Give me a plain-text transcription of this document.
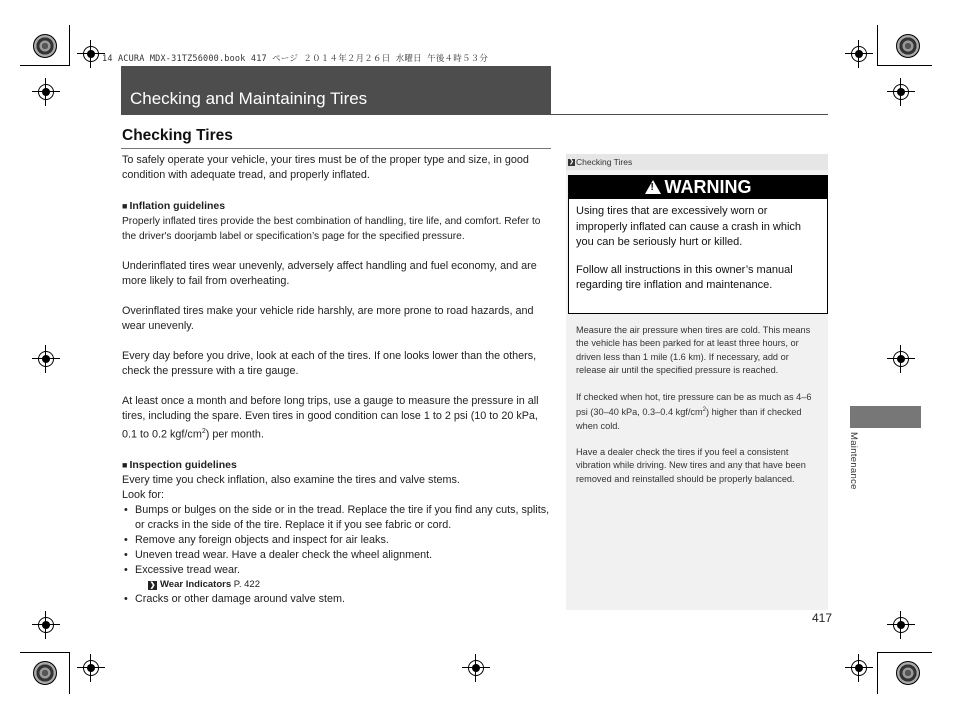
14 ACURA MDX-31TZ56000.book 417 ページ ２０１４年２月２６日 水曜日 午後４時５３分
Checking and Maintaining Tires
Checking Tires

To safely operate your vehicle, your tires must be of the proper type and size, in good condition with adequate tread, and properly inflated.

■ Inflation guidelines

Properly inflated tires provide the best combination of handling, tire life, and comfort. Refer to the driver's doorjamb label or specification’s page for the specified pressure.

Underinflated tires wear unevenly, adversely affect handling and fuel economy, and are more likely to fail from overheating.

Overinflated tires make your vehicle ride harshly, are more prone to road hazards, and wear unevenly.

Every day before you drive, look at each of the tires. If one looks lower than the others, check the pressure with a tire gauge.

At least once a month and before long trips, use a gauge to measure the pressure in all tires, including the spare. Even tires in good condition can lose 1 to 2 psi (10 to 20 kPa, 0.1 to 0.2 kgf/$cm^2$) per month.

■ Inspection guidelines

Every time you check inflation, also examine the tires and valve stems.

Look for:

• Bumps or bulges on the side or in the tread. Replace the tire if you find any cuts, splits, or cracks in the side of the tire. Replace it if you see fabric or cord.
• Remove any foreign objects and inspect for air leaks.
• Uneven tread wear. Have a dealer check the wheel alignment.
• Excessive tread wear.
❯ Wear Indicators P. 422
• Cracks or other damage around valve stem.
❯ Checking Tires
!WARNING

Using tires that are excessively worn or improperly inflated can cause a crash in which you can be seriously hurt or killed.

Follow all instructions in this owner’s manual regarding tire inflation and maintenance.

Measure the air pressure when tires are cold. This means the vehicle has been parked for at least three hours, or driven less than 1 mile (1.6 km). If necessary, add or release air until the specified pressure is reached.

If checked when hot, tire pressure can be as much as 4–6 psi (30–40 kPa, 0.3–0.4 kgf/$cm^2$) higher than if checked when cold.

Have a dealer check the tires if you feel a consistent vibration while driving. New tires and any that have been removed and reinstalled should be properly balanced.	Maintenance
417
